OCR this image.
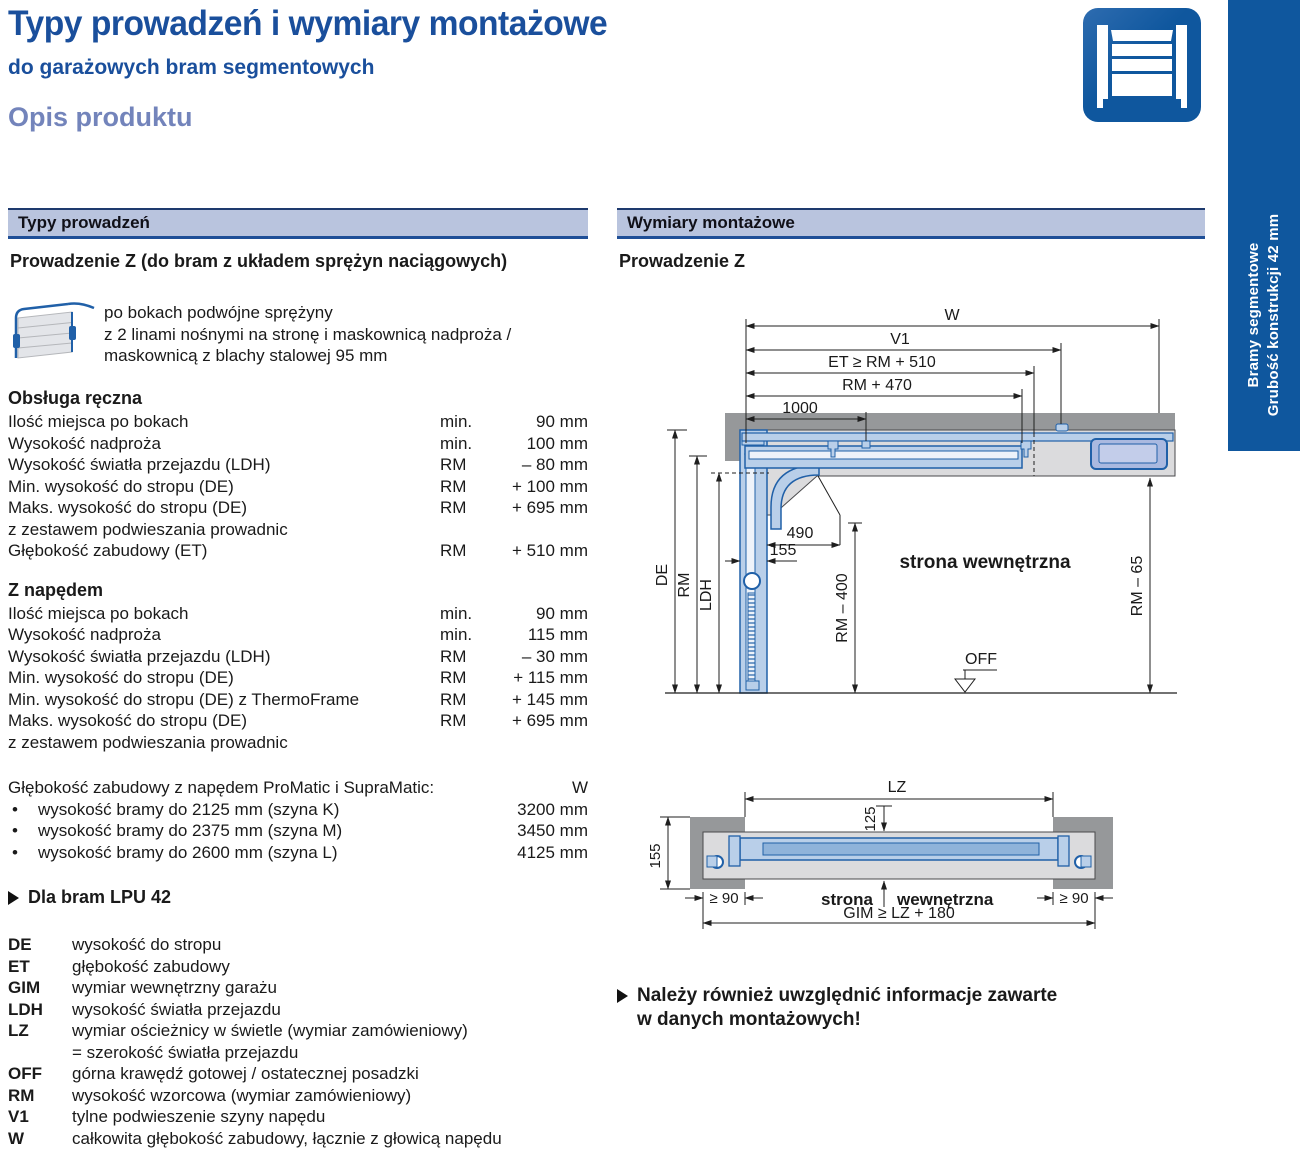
Typy prowadzeń i wymiary montażowe
do garażowych bram segmentowych
Opis produktu
Bramy segmentowe Grubość konstrukcji 42 mm
Typy prowadzeń
Prowadzenie Z (do bram z układem sprężyn naciągowych)
po bokach podwójne sprężyny
z 2 linami nośnymi na stronę i maskownicą nadproża /
maskownicą z blachy stalowej 95 mm
Obsługa ręczna
Ilość miejsca po bokach	min.	90 mm
Wysokość nadproża	min.	100 mm
Wysokość światła przejazdu (LDH)	RM	– 80 mm
Min. wysokość do stropu (DE)	RM	+ 100 mm
Maks. wysokość do stropu (DE)	RM	+ 695 mm
z zestawem podwieszania prowadnic
Głębokość zabudowy (ET)	RM	+ 510 mm
Z napędem
Ilość miejsca po bokach	min.	90 mm
Wysokość nadproża	min.	115 mm
Wysokość światła przejazdu (LDH)	RM	– 30 mm
Min. wysokość do stropu (DE)	RM	+ 115 mm
Min. wysokość do stropu (DE) z ThermoFrame	RM	+ 145 mm
Maks. wysokość do stropu (DE)	RM	+ 695 mm
z zestawem podwieszania prowadnic
Głębokość zabudowy z napędem ProMatic i SupraMatic:	W
•	wysokość bramy do 2125 mm (szyna K)	3200 mm
•	wysokość bramy do 2375 mm (szyna M)	3450 mm
•	wysokość bramy do 2600 mm (szyna L)	4125 mm
Dla bram LPU 42
DE	wysokość do stropu
ET	głębokość zabudowy
GIM	wymiar wewnętrzny garażu
LDH	wysokość światła przejazdu
LZ	wymiar ościeżnicy w świetle (wymiar zamówieniowy)
= szerokość światła przejazdu
OFF	górna krawędź gotowej / ostatecznej posadzki
RM	wysokość wzorcowa (wymiar zamówieniowy)
V1	tylne podwieszenie szyny napędu
W	całkowita głębokość zabudowy, łącznie z głowicą napędu
Wymiary montażowe
Prowadzenie Z
W
V1
ET ≥ RM + 510
RM + 470
1000
DE RM LDH
490
155
RM – 400	RM – 65
strona wewnętrzna
OFF
LZ
125
155
≥ 90	≥ 90
strona wewnętrzna
GIM ≥ LZ + 180
Należy również uwzględnić informacje zawarte
w danych montażowych!
